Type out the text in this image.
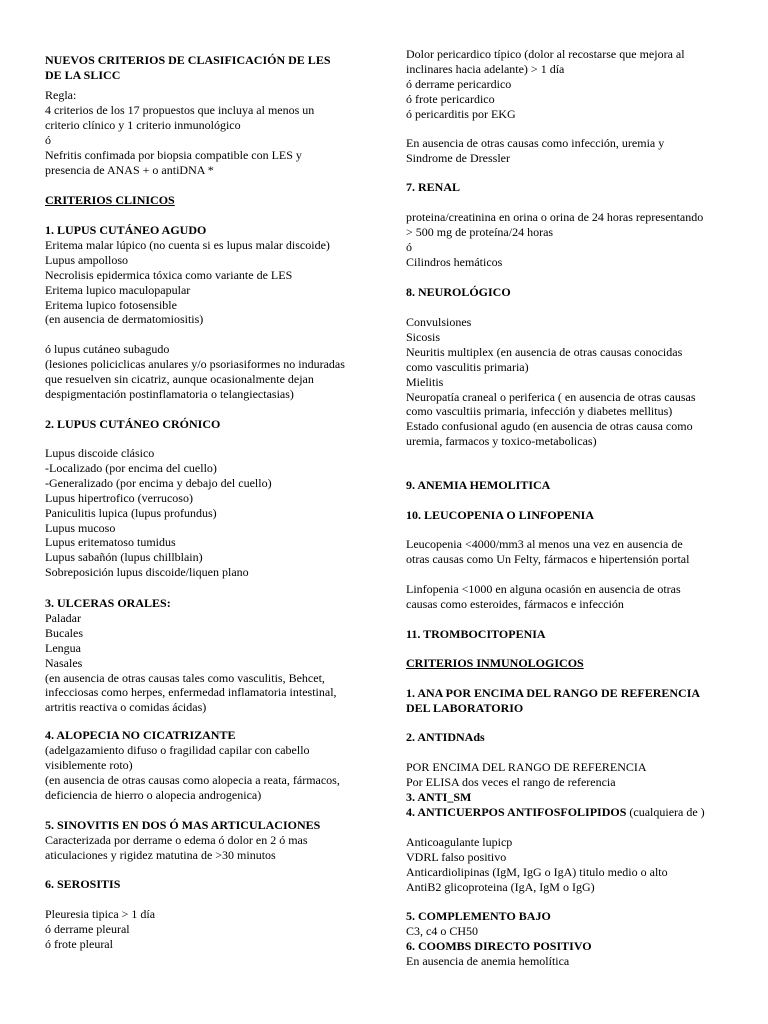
NUEVOS CRITERIOS DE CLASIFICACIÓN DE LES
DE LA SLICC
Regla:
4 criterios de los 17 propuestos que incluya al menos un
criterio clínico y 1 criterio inmunológico
ó
Nefritis confimada por biopsia compatible con LES y
presencia de ANAS + o antiDNA *
CRITERIOS CLINICOS
1. LUPUS CUTÁNEO AGUDO
Eritema malar lúpico (no cuenta si es lupus malar discoide)
Lupus ampolloso
Necrolisis epidermica tóxica como variante de LES
Eritema lupico maculopapular
Eritema lupico fotosensible
(en ausencia de dermatomiositis)
ó lupus cutáneo subagudo
(lesiones policiclicas anulares y/o psoriasiformes no induradas
que resuelven sin cicatriz, aunque ocasionalmente dejan
despigmentación postinflamatoria o telangiectasias)
2. LUPUS CUTÁNEO CRÓNICO
Lupus discoide clásico
-Localizado (por encima del cuello)
-Generalizado (por encima y debajo del cuello)
Lupus hipertrofico (verrucoso)
Paniculitis lupica (lupus profundus)
Lupus mucoso
Lupus eritematoso tumidus
Lupus sabañón (lupus chillblain)
Sobreposición lupus discoide/liquen plano
3. ULCERAS ORALES:
Paladar
Bucales
Lengua
Nasales
(en ausencia de otras causas tales como vasculitis, Behcet,
infecciosas como herpes, enfermedad inflamatoria intestinal,
artritis reactiva o comidas ácidas)
4. ALOPECIA NO CICATRIZANTE
(adelgazamiento difuso o fragilidad capilar con cabello
visiblemente roto)
(en ausencia de otras causas como alopecia a reata, fármacos,
deficiencia de hierro o alopecia androgenica)
5. SINOVITIS EN DOS Ó MAS ARTICULACIONES
Caracterizada por derrame o edema ó dolor en 2 ó mas
aticulaciones y rigidez matutina de >30 minutos
6. SEROSITIS
Pleuresia tipica > 1 día
ó derrame pleural
ó frote pleural
Dolor pericardico típico (dolor al recostarse que mejora al
inclinares hacia adelante) > 1 día
ó derrame pericardico
ó frote pericardico
ó pericarditis por EKG
En ausencia de otras causas como infección, uremia y
Sindrome de Dressler
7. RENAL
proteina/creatinina en orina o orina de 24 horas representando
> 500 mg de proteína/24 horas
ó
Cilindros hemáticos
8. NEUROLÓGICO
Convulsiones
Sicosis
Neuritis multiplex (en ausencia de otras causas conocidas
como vasculitis primaria)
Mielitis
Neuropatía craneal o periferica ( en ausencia de otras causas
como vascultiis primaria, infección y diabetes mellitus)
Estado confusional agudo (en ausencia de otras causa como
uremia, farmacos y toxico-metabolicas)
9. ANEMIA HEMOLITICA
10. LEUCOPENIA O LINFOPENIA
Leucopenia <4000/mm3 al menos una vez en ausencia de
otras causas como Un Felty, fármacos e hipertensión portal
Linfopenia <1000 en alguna ocasión en ausencia de otras
causas como esteroides, fármacos e infección
11. TROMBOCITOPENIA
CRITERIOS INMUNOLOGICOS
1. ANA POR ENCIMA DEL RANGO DE REFERENCIA
DEL LABORATORIO
2. ANTIDNAds
POR ENCIMA DEL RANGO DE REFERENCIA
Por ELISA dos veces el rango de referencia
3. ANTI_SM
4. ANTICUERPOS ANTIFOSFOLIPIDOS (cualquiera de )
Anticoagulante lupicp
VDRL falso positivo
Anticardiolipinas (IgM, IgG o IgA) titulo medio o alto
AntiB2 glicoproteina (IgA, IgM o IgG)
5. COMPLEMENTO BAJO
C3, c4 o CH50
6. COOMBS DIRECTO POSITIVO
En ausencia de anemia hemolítica
